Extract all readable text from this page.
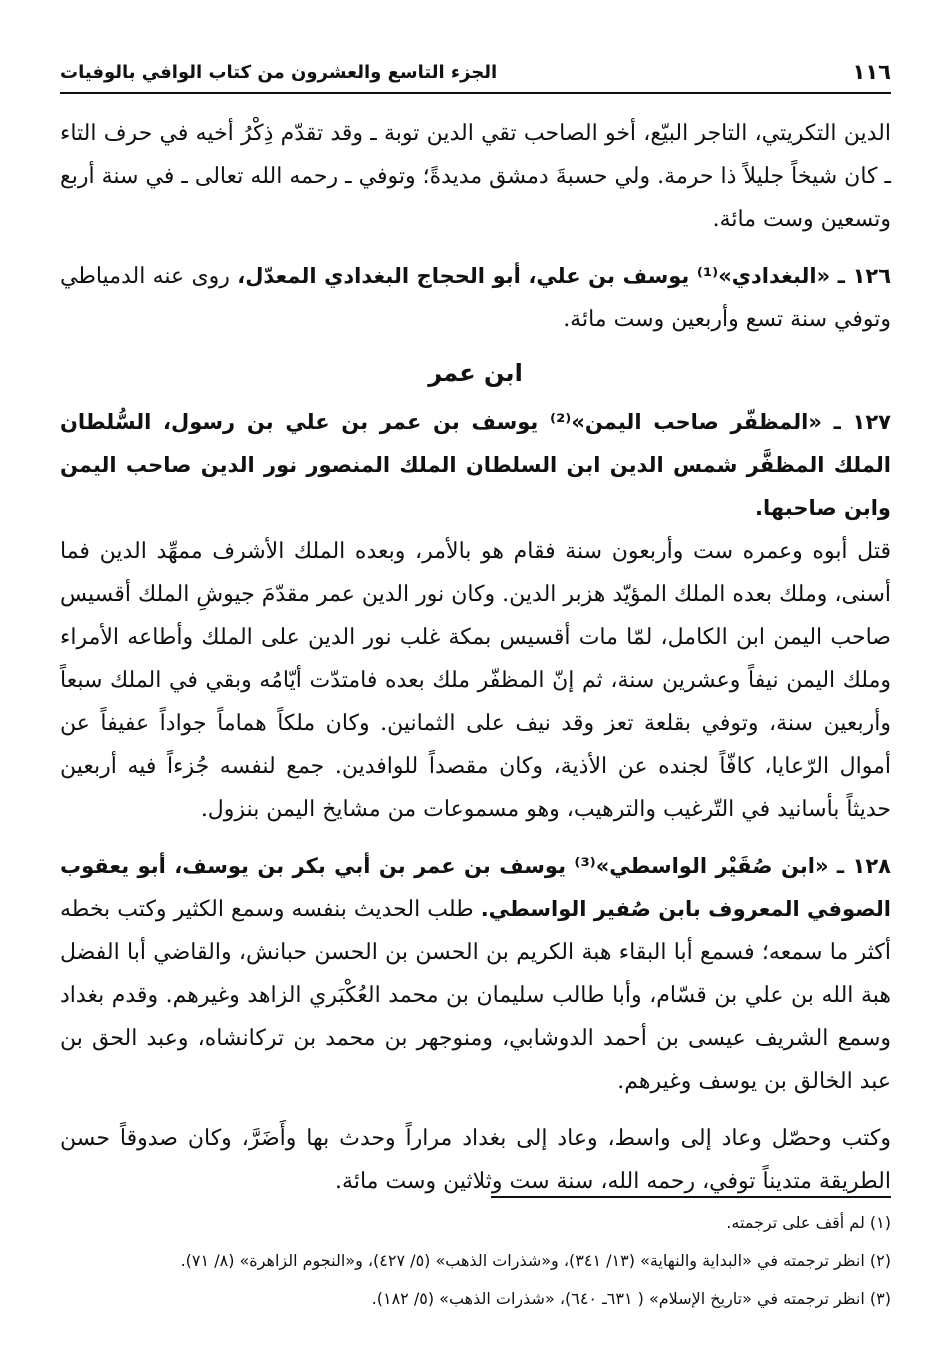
١١٦
الجزء التاسع والعشرون من كتاب الوافي بالوفيات

الدين التكريتي، التاجر البيّع، أخو الصاحب تقي الدين توبة ـ وقد تقدّم ذِكْرُ أخيه في حرف التاء ـ كان شيخاً جليلاً ذا حرمة. ولي حسبةَ دمشق مديدةً؛ وتوفي ـ رحمه الله تعالى ـ في سنة أربع وتسعين وست مائة.

١٢٦ ـ «البغدادي»⁽¹⁾ يوسف بن علي، أبو الحجاج البغدادي المعدّل، روى عنه الدمياطي وتوفي سنة تسع وأربعين وست مائة.

ابن عمر

١٢٧ ـ «المظفّر صاحب اليمن»⁽²⁾ يوسف بن عمر بن علي بن رسول، السُّلطان الملك المظفَّر شمس الدين ابن السلطان الملك المنصور نور الدين صاحب اليمن وابن صاحبها.

قتل أبوه وعمره ست وأربعون سنة فقام هو بالأمر، وبعده الملك الأشرف ممهِّد الدين فما أسنى، وملك بعده الملك المؤيّد هزبر الدين. وكان نور الدين عمر مقدّمَ جيوشِ الملك أقسيس صاحب اليمن ابن الكامل، لمّا مات أقسيس بمكة غلب نور الدين على الملك وأطاعه الأمراء وملك اليمن نيفاً وعشرين سنة، ثم إنّ المظفّر ملك بعده فامتدّت أيّامُه وبقي في الملك سبعاً وأربعين سنة، وتوفي بقلعة تعز وقد نيف على الثمانين. وكان ملكاً هماماً جواداً عفيفاً عن أموال الرّعايا، كافّاً لجنده عن الأذية، وكان مقصداً للوافدين. جمع لنفسه جُزءاً فيه أربعين حديثاً بأسانيد في التّرغيب والترهيب، وهو مسموعات من مشايخ اليمن بنزول.

١٢٨ ـ «ابن صُقَيْر الواسطي»⁽³⁾ يوسف بن عمر بن أبي بكر بن يوسف، أبو يعقوب الصوفي المعروف بابن صُفير الواسطي. طلب الحديث بنفسه وسمع الكثير وكتب بخطه أكثر ما سمعه؛ فسمع أبا البقاء هبة الكريم بن الحسن بن الحسن حبانش، والقاضي أبا الفضل هبة الله بن علي بن قسّام، وأبا طالب سليمان بن محمد العُكْبَري الزاهد وغيرهم. وقدم بغداد وسمع الشريف عيسى بن أحمد الدوشابي، ومنوجهر بن محمد بن تركانشاه، وعبد الحق بن عبد الخالق بن يوسف وغيرهم.

وكتب وحصّل وعاد إلى واسط، وعاد إلى بغداد مراراً وحدث بها وأَضَرَّ، وكان صدوقاً حسن الطريقة متديناً توفي، رحمه الله، سنة ست وثلاثين وست مائة.

(١) لم أقف على ترجمته.
(٢) انظر ترجمته في «البداية والنهاية» (١٣/ ٣٤١)، و«شذرات الذهب» (٥/ ٤٢٧)، و«النجوم الزاهرة» (٨/ ٧١).
(٣) انظر ترجمته في «تاريخ الإسلام» ( ٦٣١ـ ٦٤٠)، «شذرات الذهب» (٥/ ١٨٢).
